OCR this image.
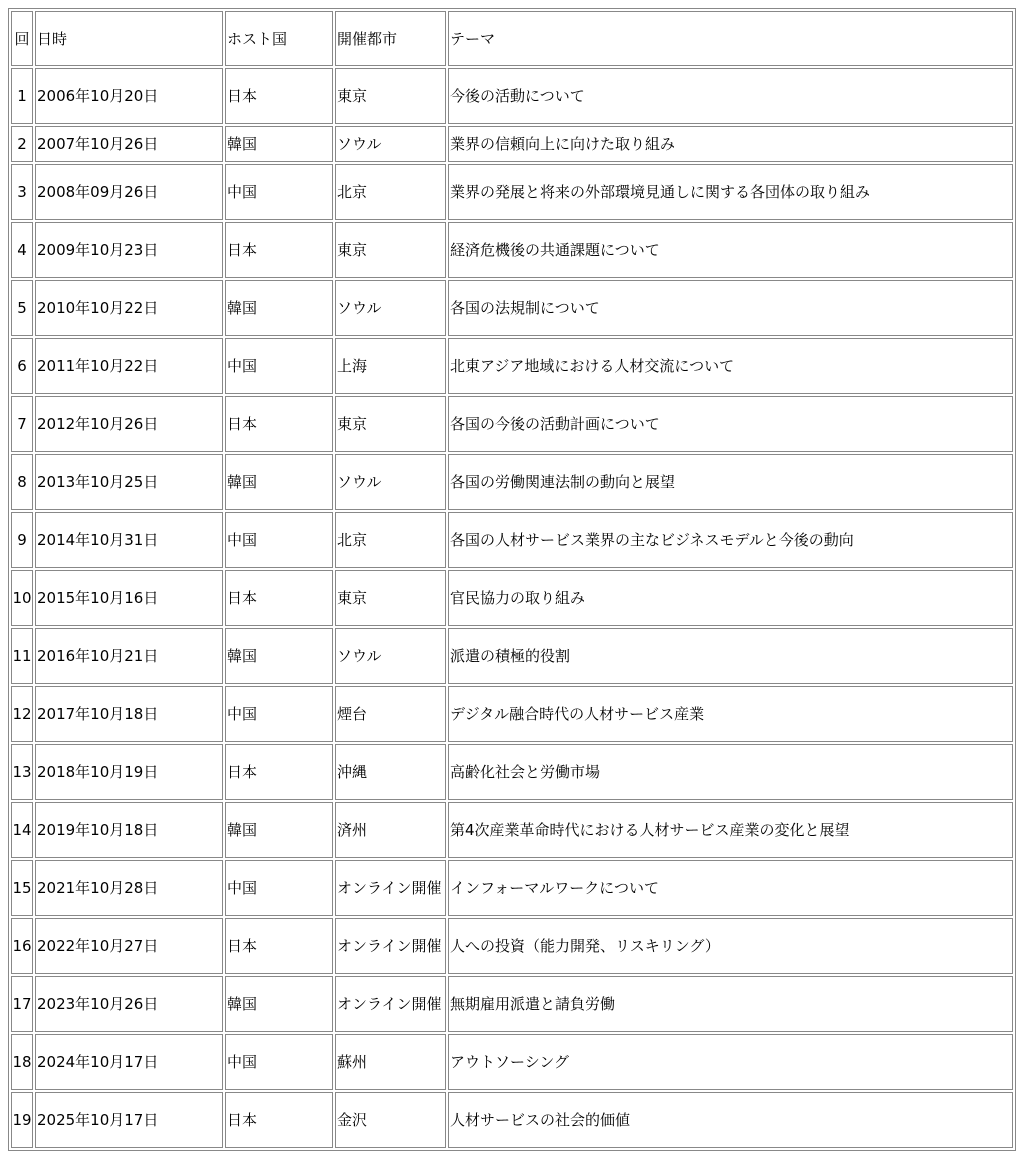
回	日時	ホスト国	開催都市	テーマ
1	2006年10月20日	日本	東京	今後の活動について
2	2007年10月26日	韓国	ソウル	業界の信頼向上に向けた取り組み
3	2008年09月26日	中国	北京	業界の発展と将来の外部環境見通しに関する各団体の取り組み
4	2009年10月23日	日本	東京	経済危機後の共通課題について
5	2010年10月22日	韓国	ソウル	各国の法規制について
6	2011年10月22日	中国	上海	北東アジア地域における人材交流について
7	2012年10月26日	日本	東京	各国の今後の活動計画について
8	2013年10月25日	韓国	ソウル	各国の労働関連法制の動向と展望
9	2014年10月31日	中国	北京	各国の人材サービス業界の主なビジネスモデルと今後の動向
10	2015年10月16日	日本	東京	官民協力の取り組み
11	2016年10月21日	韓国	ソウル	派遣の積極的役割
12	2017年10月18日	中国	煙台	デジタル融合時代の人材サービス産業
13	2018年10月19日	日本	沖縄	高齢化社会と労働市場
14	2019年10月18日	韓国	済州	第4次産業革命時代における人材サービス産業の変化と展望
15	2021年10月28日	中国	オンライン開催	インフォーマルワークについて
16	2022年10月27日	日本	オンライン開催	人への投資（能力開発、リスキリング）
17	2023年10月26日	韓国	オンライン開催	無期雇用派遣と請負労働
18	2024年10月17日	中国	蘇州	アウトソーシング
19	2025年10月17日	日本	金沢	人材サービスの社会的価値
